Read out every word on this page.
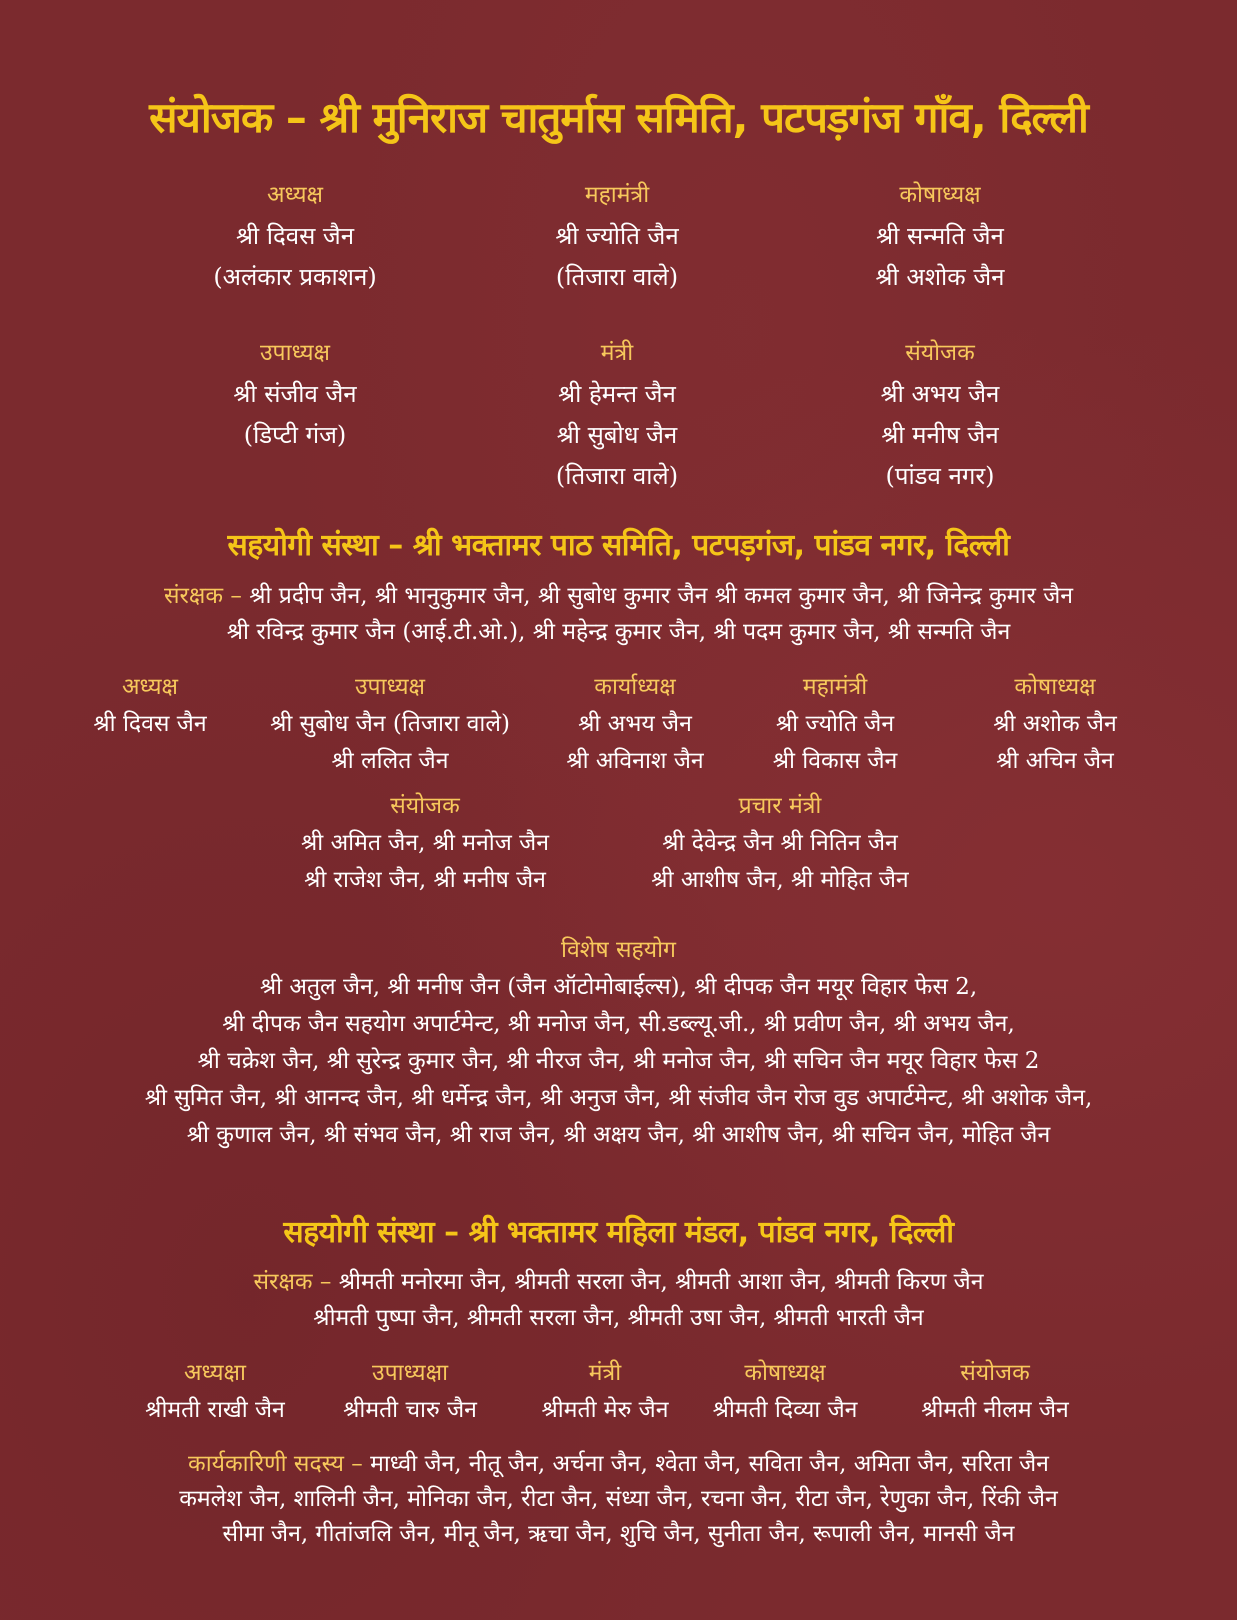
संयोजक – श्री मुनिराज चातुर्मास समिति, पटपड़गंज गाँव, दिल्ली
अध्यक्ष
श्री दिवस जैन
(अलंकार प्रकाशन)
महामंत्री
श्री ज्योति जैन
(तिजारा वाले)
कोषाध्यक्ष
श्री सन्मति जैन
श्री अशोक जैन
उपाध्यक्ष
श्री संजीव जैन
(डिप्टी गंज)
मंत्री
श्री हेमन्त जैन
श्री सुबोध जैन
(तिजारा वाले)
संयोजक
श्री अभय जैन
श्री मनीष जैन
(पांडव नगर)
सहयोगी संस्था – श्री भक्तामर पाठ समिति, पटपड़गंज, पांडव नगर, दिल्ली
संरक्षक – श्री प्रदीप जैन, श्री भानुकुमार जैन, श्री सुबोध कुमार जैन श्री कमल कुमार जैन, श्री जिनेन्द्र कुमार जैन
श्री रविन्द्र कुमार जैन (आई.टी.ओ.), श्री महेन्द्र कुमार जैन, श्री पदम कुमार जैन, श्री सन्मति जैन
अध्यक्ष
श्री दिवस जैन
उपाध्यक्ष
श्री सुबोध जैन (तिजारा वाले)
श्री ललित जैन
कार्याध्यक्ष
श्री अभय जैन
श्री अविनाश जैन
महामंत्री
श्री ज्योति जैन
श्री विकास जैन
कोषाध्यक्ष
श्री अशोक जैन
श्री अचिन जैन
संयोजक
श्री अमित जैन, श्री मनोज जैन
श्री राजेश जैन, श्री मनीष जैन
प्रचार मंत्री
श्री देवेन्द्र जैन श्री नितिन जैन
श्री आशीष जैन, श्री मोहित जैन
विशेष सहयोग
श्री अतुल जैन, श्री मनीष जैन (जैन ऑटोमोबाईल्स), श्री दीपक जैन मयूर विहार फेस 2,
श्री दीपक जैन सहयोग अपार्टमेन्ट, श्री मनोज जैन, सी.डब्ल्यू.जी., श्री प्रवीण जैन, श्री अभय जैन,
श्री चक्रेश जैन, श्री सुरेन्द्र कुमार जैन, श्री नीरज जैन, श्री मनोज जैन, श्री सचिन जैन मयूर विहार फेस 2
श्री सुमित जैन, श्री आनन्द जैन, श्री धर्मेन्द्र जैन, श्री अनुज जैन, श्री संजीव जैन रोज वुड अपार्टमेन्ट, श्री अशोक जैन,
श्री कुणाल जैन, श्री संभव जैन, श्री राज जैन, श्री अक्षय जैन, श्री आशीष जैन, श्री सचिन जैन, मोहित जैन
सहयोगी संस्था – श्री भक्तामर महिला मंडल, पांडव नगर, दिल्ली
संरक्षक – श्रीमती मनोरमा जैन, श्रीमती सरला जैन, श्रीमती आशा जैन, श्रीमती किरण जैन
श्रीमती पुष्पा जैन, श्रीमती सरला जैन, श्रीमती उषा जैन, श्रीमती भारती जैन
अध्यक्षा
श्रीमती राखी जैन
उपाध्यक्षा
श्रीमती चारु जैन
मंत्री
श्रीमती मेरु जैन
कोषाध्यक्ष
श्रीमती दिव्या जैन
संयोजक
श्रीमती नीलम जैन
कार्यकारिणी सदस्य – माध्वी जैन, नीतू जैन, अर्चना जैन, श्वेता जैन, सविता जैन, अमिता जैन, सरिता जैन
कमलेश जैन, शालिनी जैन, मोनिका जैन, रीटा जैन, संध्या जैन, रचना जैन, रीटा जैन, रेणुका जैन, रिंकी जैन
सीमा जैन, गीतांजलि जैन, मीनू जैन, ऋचा जैन, शुचि जैन, सुनीता जैन, रूपाली जैन, मानसी जैन
